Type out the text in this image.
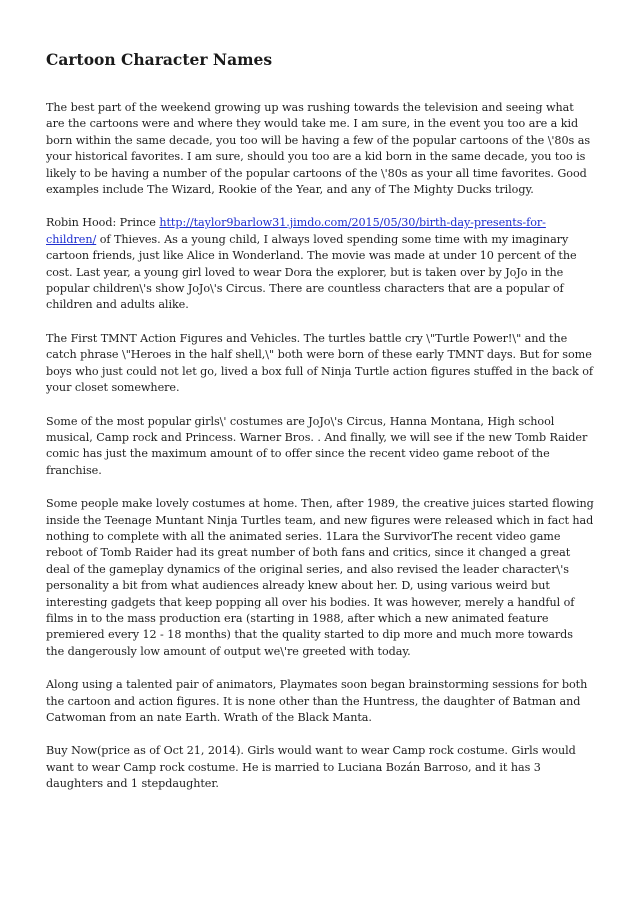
Cartoon Character Names

The best part of the weekend growing up was rushing towards the television and seeing what are the cartoons were and where they would take me. I am sure, in the event you too are a kid born within the same decade, you too will be having a few of the popular cartoons of the \'80s as your historical favorites. I am sure, should you too are a kid born in the same decade, you too is likely to be having a number of the popular cartoons of the \'80s as your all time favorites. Good examples include The Wizard, Rookie of the Year, and any of The Mighty Ducks trilogy.

Robin Hood: Prince http://taylor9barlow31.jimdo.com/2015/05/30/birth-day-presents-for-children/ of Thieves. As a young child, I always loved spending some time with my imaginary cartoon friends, just like Alice in Wonderland. The movie was made at under 10 percent of the cost. Last year, a young girl loved to wear Dora the explorer, but is taken over by JoJo in the popular children\'s show JoJo\'s Circus. There are countless characters that are a popular of children and adults alike.

The First TMNT Action Figures and Vehicles. The turtles battle cry \"Turtle Power!\" and the catch phrase \"Heroes in the half shell,\" both were born of these early TMNT days. But for some boys who just could not let go, lived a box full of Ninja Turtle action figures stuffed in the back of your closet somewhere.

Some of the most popular girls\' costumes are JoJo\'s Circus, Hanna Montana, High school musical, Camp rock and Princess. Warner Bros. . And finally, we will see if the new Tomb Raider comic has just the maximum amount of to offer since the recent video game reboot of the franchise.

Some people make lovely costumes at home. Then, after 1989, the creative juices started flowing inside the Teenage Muntant Ninja Turtles team, and new figures were released which in fact had nothing to complete with all the animated series. 1Lara the SurvivorThe recent video game reboot of Tomb Raider had its great number of both fans and critics, since it changed a great deal of the gameplay dynamics of the original series, and also revised the leader character\'s personality a bit from what audiences already knew about her. D, using various weird but interesting gadgets that keep popping all over his bodies. It was however, merely a handful of films in to the mass production era (starting in 1988, after which a new animated feature premiered every 12 - 18 months) that the quality started to dip more and much more towards the dangerously low amount of output we\'re greeted with today.

Along using a talented pair of animators, Playmates soon began brainstorming sessions for both the cartoon and action figures. It is none other than the Huntress, the daughter of Batman and Catwoman from an nate Earth. Wrath of the Black Manta.

Buy Now(price as of Oct 21, 2014). Girls would want to wear Camp rock costume. Girls would want to wear Camp rock costume. He is married to Luciana Bozán Barroso, and it has 3 daughters and 1 stepdaughter.
